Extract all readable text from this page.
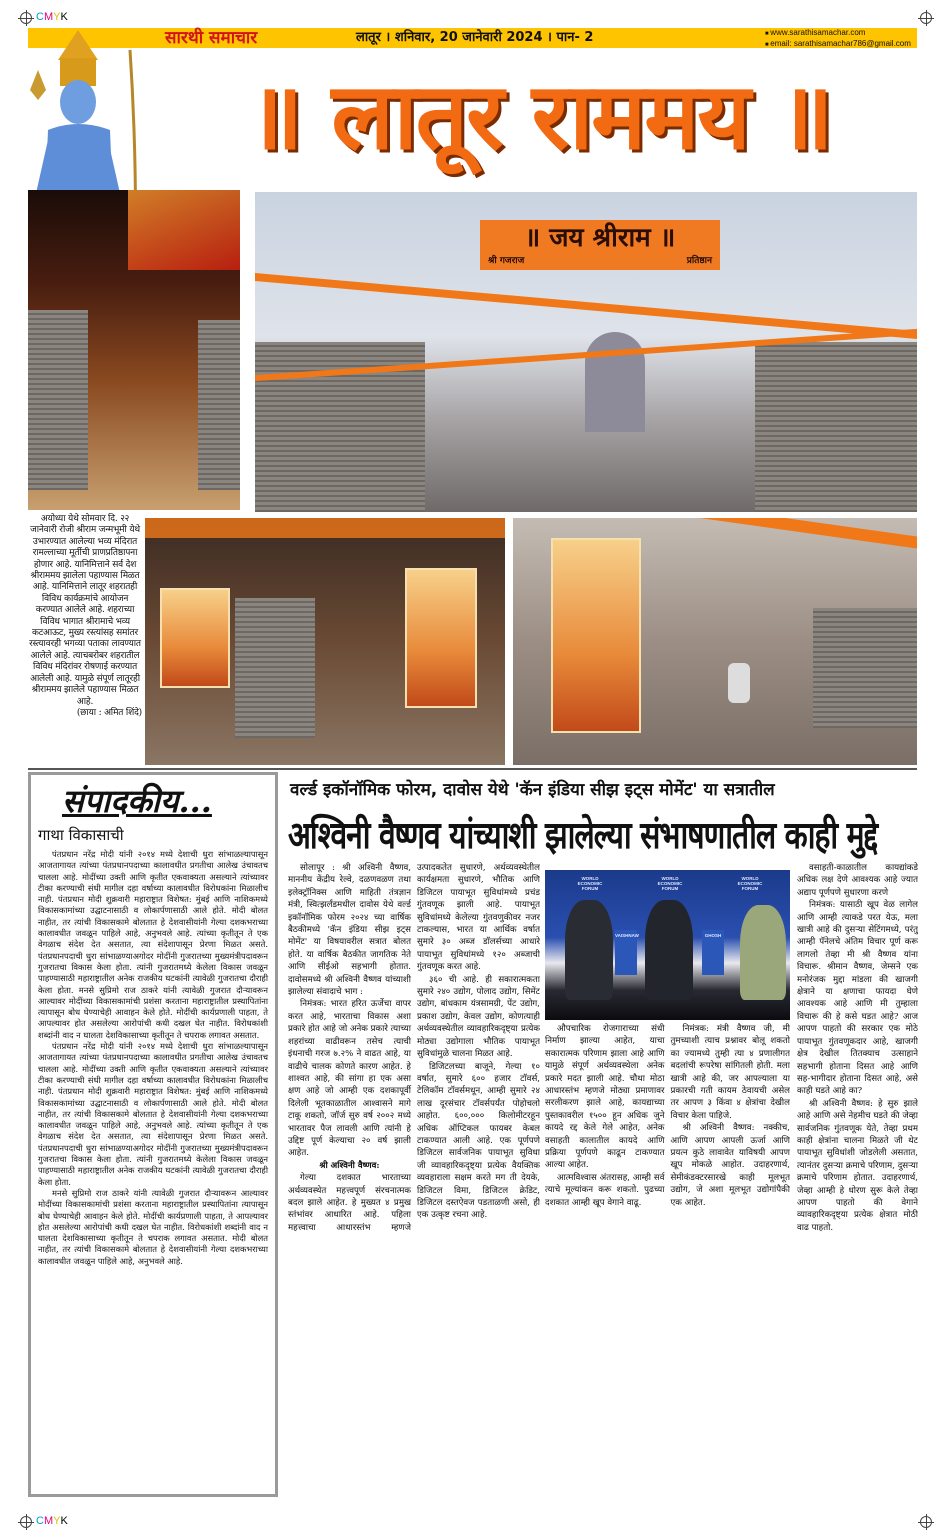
CMYK
CMYK
सारथी समाचार	लातूर । शनिवार, 20 जानेवारी 2024 । पान- 2	■ www.sarathisamachar.com
■ email: sarathisamachar786@gmail.com
॥ लातूर राममय ॥
॥ जय श्रीराम ॥
श्री गजराज	प्रतिष्ठान
अयोध्या येथे सोमवार दि. २२ जानेवारी रोजी श्रीराम जन्मभूमी येथे उभारण्यात आलेल्या भव्य मंदिरात रामल्लाच्या मूर्तीची प्राणप्रतिष्ठापना होणार आहे. यानिमित्ताने सर्व देश श्रीराममय झालेला पहाण्यास मिळत आहे. यानिमित्ताने लातूर शहरातही विविध कार्यक्रमांचे आयोजन करण्यात आलेले आहे. शहराच्या विविध भागात श्रीरामाचे भव्य कटआऊट, मुख्य रस्त्यांसह समांतर रस्त्यावरही भगव्या पताका लावण्यात आलेले आहे. त्याचबरोबर शहरातील विविध मंदिरांवर रोषणाई करण्यात आलेली आहे. यामुळे संपूर्ण लातूरही श्रीराममय झालेले पहाण्यास मिळत आहे.
(छाया : अमित शिंदे)
संपादकीय...
गाथा विकासाची

पंतप्रधान नरेंद्र मोदी यांनी २०१४ मध्ये देशाची धुरा सांभाळल्यापासून आजतागायत त्यांच्या पंतप्रधानपदाच्या कालावधीत प्रगतीचा आलेख उंचावतच चालला आहे. मोदींच्या उक्ती आणि कृतीत एकवाक्यता असल्याने त्यांच्यावर टीका करण्याची संधी मागील दहा वर्षाच्या कालावधीत विरोधकांना मिळालीच नाही. पंतप्रधान मोदी शुक्रवारी महाराष्ट्रात विशेषत: मुंबई आणि नाशिकमध्ये विकासकामांच्या उद्घाटनासाठी व लोकार्पणासाठी आले होते. मोदी बोलत नाहीत, तर त्यांची विकासकामे बोलतात हे देशवासीयांनी गेल्या दशकभराच्या कालावधीत जवळून पाहिले आहे, अनुभवले आहे. त्यांच्या कृतीतून ते एक वेगळाच संदेश देत असतात, त्या संदेशापासून प्रेरणा मिळत असते. पंतप्रधानपदाची धुरा सांभाळण्याअगोदर मोदींनी गुजरातच्या मुख्यमंत्रीपदावरून गुजरातचा विकास केला होता. त्यांनी गुजरातमध्ये केलेला विकास जवळून पाहण्यासाठी महाराष्ट्रातील अनेक राजकीय घटकांनी त्यावेळी गुजरातचा दौराही केला होता. मनसे सुप्रिमो राज ठाकरे यांनी त्यावेळी गुजरात दौऱ्यावरून आल्यावर मोदींच्या विकासकामांची प्रशंसा करताना महाराष्ट्रातील प्रस्थापितांना त्यापासून बोध घेण्याचेही आवाहन केले होते. मोदींची कार्यप्रणाली पाहता, ते आपल्यावर होत असलेल्या आरोपांची कधी दखल घेत नाहीत. विरोधकांशी शब्दांनी वाद न घालता देशविकासाच्या कृतीतून ते चपराक लगावत असतात.

पंतप्रधान नरेंद्र मोदी यांनी २०१४ मध्ये देशाची धुरा सांभाळल्यापासून आजतागायत त्यांच्या पंतप्रधानपदाच्या कालावधीत प्रगतीचा आलेख उंचावतच चालला आहे. मोदींच्या उक्ती आणि कृतीत एकवाक्यता असल्याने त्यांच्यावर टीका करण्याची संधी मागील दहा वर्षाच्या कालावधीत विरोधकांना मिळालीच नाही. पंतप्रधान मोदी शुक्रवारी महाराष्ट्रात विशेषत: मुंबई आणि नाशिकमध्ये विकासकामांच्या उद्घाटनासाठी व लोकार्पणासाठी आले होते. मोदी बोलत नाहीत, तर त्यांची विकासकामे बोलतात हे देशवासीयांनी गेल्या दशकभराच्या कालावधीत जवळून पाहिले आहे, अनुभवले आहे. त्यांच्या कृतीतून ते एक वेगळाच संदेश देत असतात, त्या संदेशापासून प्रेरणा मिळत असते. पंतप्रधानपदाची धुरा सांभाळण्याअगोदर मोदींनी गुजरातच्या मुख्यमंत्रीपदावरून गुजरातचा विकास केला होता. त्यांनी गुजरातमध्ये केलेला विकास जवळून पाहण्यासाठी महाराष्ट्रातील अनेक राजकीय घटकांनी त्यावेळी गुजरातचा दौराही केला होता.

मनसे सुप्रिमो राज ठाकरे यांनी त्यावेळी गुजरात दौऱ्यावरून आल्यावर मोदींच्या विकासकामांची प्रशंसा करताना महाराष्ट्रातील प्रस्थापितांना त्यापासून बोध घेण्याचेही आवाहन केले होते. मोदींची कार्यप्रणाली पाहता, ते आपल्यावर होत असलेल्या आरोपांची कधी दखल घेत नाहीत. विरोधकांशी शब्दांनी वाद न घालता देशविकासाच्या कृतीतून ते चपराक लगावत असतात. मोदी बोलत नाहीत, तर त्यांची विकासकामे बोलतात हे देशवासीयांनी गेल्या दशकभराच्या कालावधीत जवळून पाहिले आहे, अनुभवले आहे.

वर्ल्ड इकॉनॉमिक फोरम, दावोस येथे 'कॅन इंडिया सीझ इट्स मोमेंट' या सत्रातील
अश्विनी वैष्णव यांच्याशी झालेल्या संभाषणातील काही मुद्दे

सोलापूर : श्री अश्विनी वैष्णव, माननीय केंद्रीय रेल्वे, दळणवळण तथा इलेक्ट्रॉनिक्स आणि माहिती तंत्रज्ञान मंत्री, स्वित्झर्लंडमधील दावोस येथे वर्ल्ड इकॉनॉमिक फोरम २०२४ च्या वार्षिक बैठकीमध्ये 'कॅन इंडिया सीझ इट्स मोमेंट' या विषयावरील सत्रात बोलत होते. या वार्षिक बैठकीत जागतिक नेते आणि सीईओ सहभागी होतात. दावोसमध्ये श्री अश्विनी वैष्णव यांच्याशी झालेल्या संवादाचे भाग :

निमंत्रक: भारत हरित ऊर्जेचा वापर करत आहे, भारताचा विकास अशा प्रकारे होत आहे जो अनेक प्रकारे त्याच्या शहरांच्या वाढीवरून तसेच त्याची इंधनाची गरज ७.२% ने वाढत आहे, या वाढीचे चालक कोणते कारण आहेत. हे शाश्वत आहे, की सांगा हा एक असा क्षण आहे जो आम्ही एक दशकापूर्वी दिलेली भूतकाळातील आश्वासने मागे टाकू शकतो, जॉर्ज सुरु वर्ष २००२ मध्ये भारतावर पैज लावली आणि त्यांनी हे उद्दिष्ट पूर्ण केल्याचा २० वर्ष झाली आहेत.

श्री अश्विनी वैष्णव:

गेल्या दशकात भारताच्या अर्थव्यवस्थेत महत्त्वपूर्ण संरचनात्मक बदल झाले आहेत. हे मुख्यत ४ प्रमुख स्तंभांवर आधारित आहे. पहिला महत्त्वाचा आधारस्तंभ म्हणजे उत्पादकतेत सुधारणे, अर्थव्यवस्थेतील कार्यक्षमता सुधारणे, भौतिक आणि डिजिटल पायाभूत सुविधांमध्ये प्रचंड गुंतवणूक झाली आहे. पायाभूत सुविधांमध्ये केलेल्या गुंतवणुकीवर नजर टाकल्यास, भारत या आर्थिक वर्षात सुमारे ३० अब्ज डॉलर्सच्या आधारे पायाभूत सुविधांमध्ये १२० अब्जाची गुंतवणूक करत आहे.

३६० ची आहे. ही सकारात्मकता सुमारे २४० उद्योग, पोलाद उद्योग, सिमेंट उद्योग, बांधकाम यंत्रसामग्री, पेंट उद्योग, प्रकाश उद्योग, केवल उद्योग, कोणत्याही अर्थव्यवस्थेतील व्यावहारिकदृष्ट्या प्रत्येक मोठ्या उद्योगाला भौतिक पायाभूत सुविधांमुळे चालना मिळत आहे.

डिजिटलच्या बाजूने, गेल्या १० वर्षात, सुमारे ६०० हजार टॉवर्स, टेलिकॉम टॉवर्समधून, आम्ही सुमारे २४ लाख दूरसंचार टॉवर्सपर्यंत पोहोचलो आहोत. ६००,००० किलोमीटरहून अधिक ऑप्टिकल फायबर केबल टाकण्यात आली आहे. एक पूर्णपणे डिजिटल सार्वजनिक पायाभूत सुविधा जी व्यावहारिकदृष्ट्या प्रत्येक वैयक्तिक व्यवहाराला सक्षम करते मग ती देयके, डिजिटल विमा, डिजिटल क्रेडिट, डिजिटल दस्तऐवज पडताळणी असो, ही एक उत्कृष्ट रचना आहे.

VAISHNAW	GHOSH
WORLD ECONOMIC FORUM
WORLD ECONOMIC FORUM
WORLD ECONOMIC FORUM

औपचारिक रोजगाराच्या संधी निर्माण झाल्या आहेत, याचा सकारात्मक परिणाम झाला आहे आणि यामुळे संपूर्ण अर्थव्यवस्थेला अनेक प्रकारे मदत झाली आहे. चौथा मोठा आधारस्तंभ म्हणजे मोठ्या प्रमाणावर सरलीकरण झाले आहे, कायद्याच्या पुस्तकावरील १५०० हून अधिक जुने कायदे रद्द केले गेले आहेत, अनेक वसाहती कालातील कायदे आणि प्रक्रिया पूर्णपणे काढून टाकण्यात आल्या आहेत.

आत्मविश्वास अंतरासह, आम्ही सर्व त्याचे मूल्यांकन करू शकतो. पुढच्या दशकात आम्ही खूप वेगाने वाढू.

निमंत्रक: मंत्री वैष्णव जी, मी तुमच्याशी त्याच प्रश्नावर बोलू शकतो का ज्यामध्ये तुम्ही त्या ४ प्रणालीगत बदलांची रूपरेषा सांगितली होती. मला खात्री आहे की, जर आपल्याला या प्रकारची गती कायम ठेवायची असेल तर आपण ३ किंवा ४ क्षेत्रांचा देखील विचार केला पाहिजे.

श्री अश्विनी वैष्णव: नक्कीच, आणि आपण आपली ऊर्जा आणि प्रयत्न कुठे लावावेत याविषयी आपण खूप मोकळे आहोत. उदाहरणार्थ, सेमीकंडक्टरसारखे काही मूलभूत उद्योग, जे अशा मूलभूत उद्योगांपैकी एक आहेत.

वसाहती-काळातील कायद्यांकडे अधिक लक्ष देणे आवश्यक आहे ज्यात अद्याप पूर्णपणे सुधारणा करणे

निमंत्रक: यासाठी खूप वेळ लागेल आणि आम्ही त्याकडे परत येऊ, मला खात्री आहे की दुसर्‍या सेटिंगमध्ये, परंतु आम्ही पॅनेलचे अंतिम विचार पूर्ण करू लागलो तेव्हा मी श्री वैष्णव यांना विचारू. श्रीमान वैष्णव, जेम्सने एक मनोरंजक मुद्दा मांडला की खाजगी क्षेत्राने या क्षणाचा फायदा घेणे आवश्यक आहे आणि मी तुम्हाला विचारू की हे कसे घडत आहे? आज आपण पाहतो की सरकार एक मोठे पायाभूत गुंतवणूकदार आहे, खाजगी क्षेत्र देखील तितक्याच उत्साहाने सहभागी होताना दिसत आहे आणि सह-भागीदार होताना दिसत आहे, असे काही घडते आहे का?

श्री अश्विनी वैष्णव: हे सुरु झाले आहे आणि असे नेहमीच घडते की जेव्हा सार्वजनिक गुंतवणूक येते, तेव्हा प्रथम काही क्षेत्रांना चालना मिळते जी थेट पायाभूत सुविधांशी जोडलेली असतात, त्यानंतर दुसऱ्या क्रमाचे परिणाम, दुसऱ्या क्रमाचे परिणाम होतात. उदाहरणार्थ, जेव्हा आम्ही हे धोरण सुरू केले तेव्हा आपण पाहतो की वेगाने व्यावहारिकदृष्ट्या प्रत्येक क्षेत्रात मोठी वाढ पाहतो.
